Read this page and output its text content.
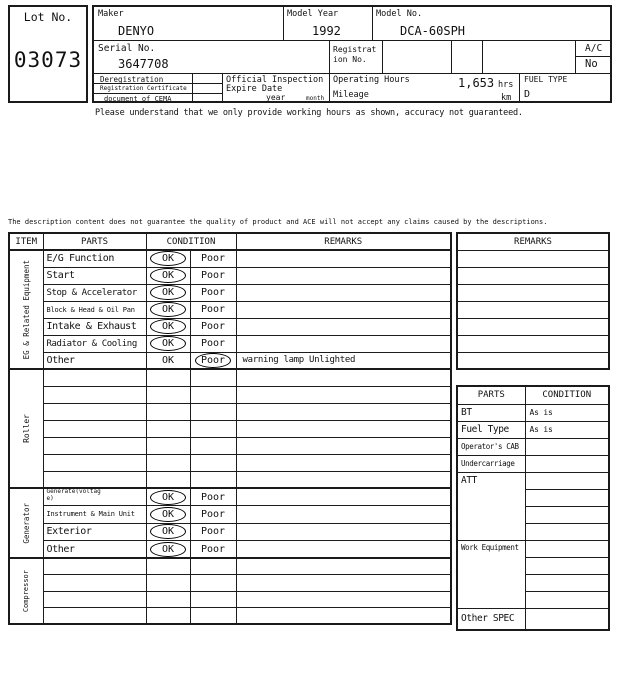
Lot No.
03073
Maker
DENYO
Model Year
1992
Model No.
DCA-60SPH
Serial No.
3647708
Registration No.
A/C
No
Deregistration
Registration Certificate
document of CEMA
Official Inspection
Expire Date
year	month
Operating Hours	1,653 hrs
Mileage	km
FUEL TYPE
D
Please understand that we only provide working hours as shown, accuracy not guaranteed.
The description content does not guarantee the quality of product and ACE will not accept any claims caused by the descriptions.
ITEM	PARTS	CONDITION		REMARKS

EG & Related Equipment	E/G Function	OK	Poor	
	Start	OK	Poor	
	Stop & Accelerator	OK	Poor	
	Block & Head & Oil Pan	OK	Poor	
	Intake & Exhaust	OK	Poor	
	Radiator & Cooling	OK	Poor	
	Other	OK	Poor	warning lamp Unlighted

Roller				

Generator	Generate(voltage)	OK	Poor	
	Instrument & Main Unit	OK	Poor	
	Exterior	OK	Poor	
	Other	OK	Poor	

Compressor				

REMARKS

PARTS	CONDITION
BT	As is
Fuel Type	As is
Operator's CAB	
Undercarriage	
ATT	

Work Equipment	

Other SPEC	
